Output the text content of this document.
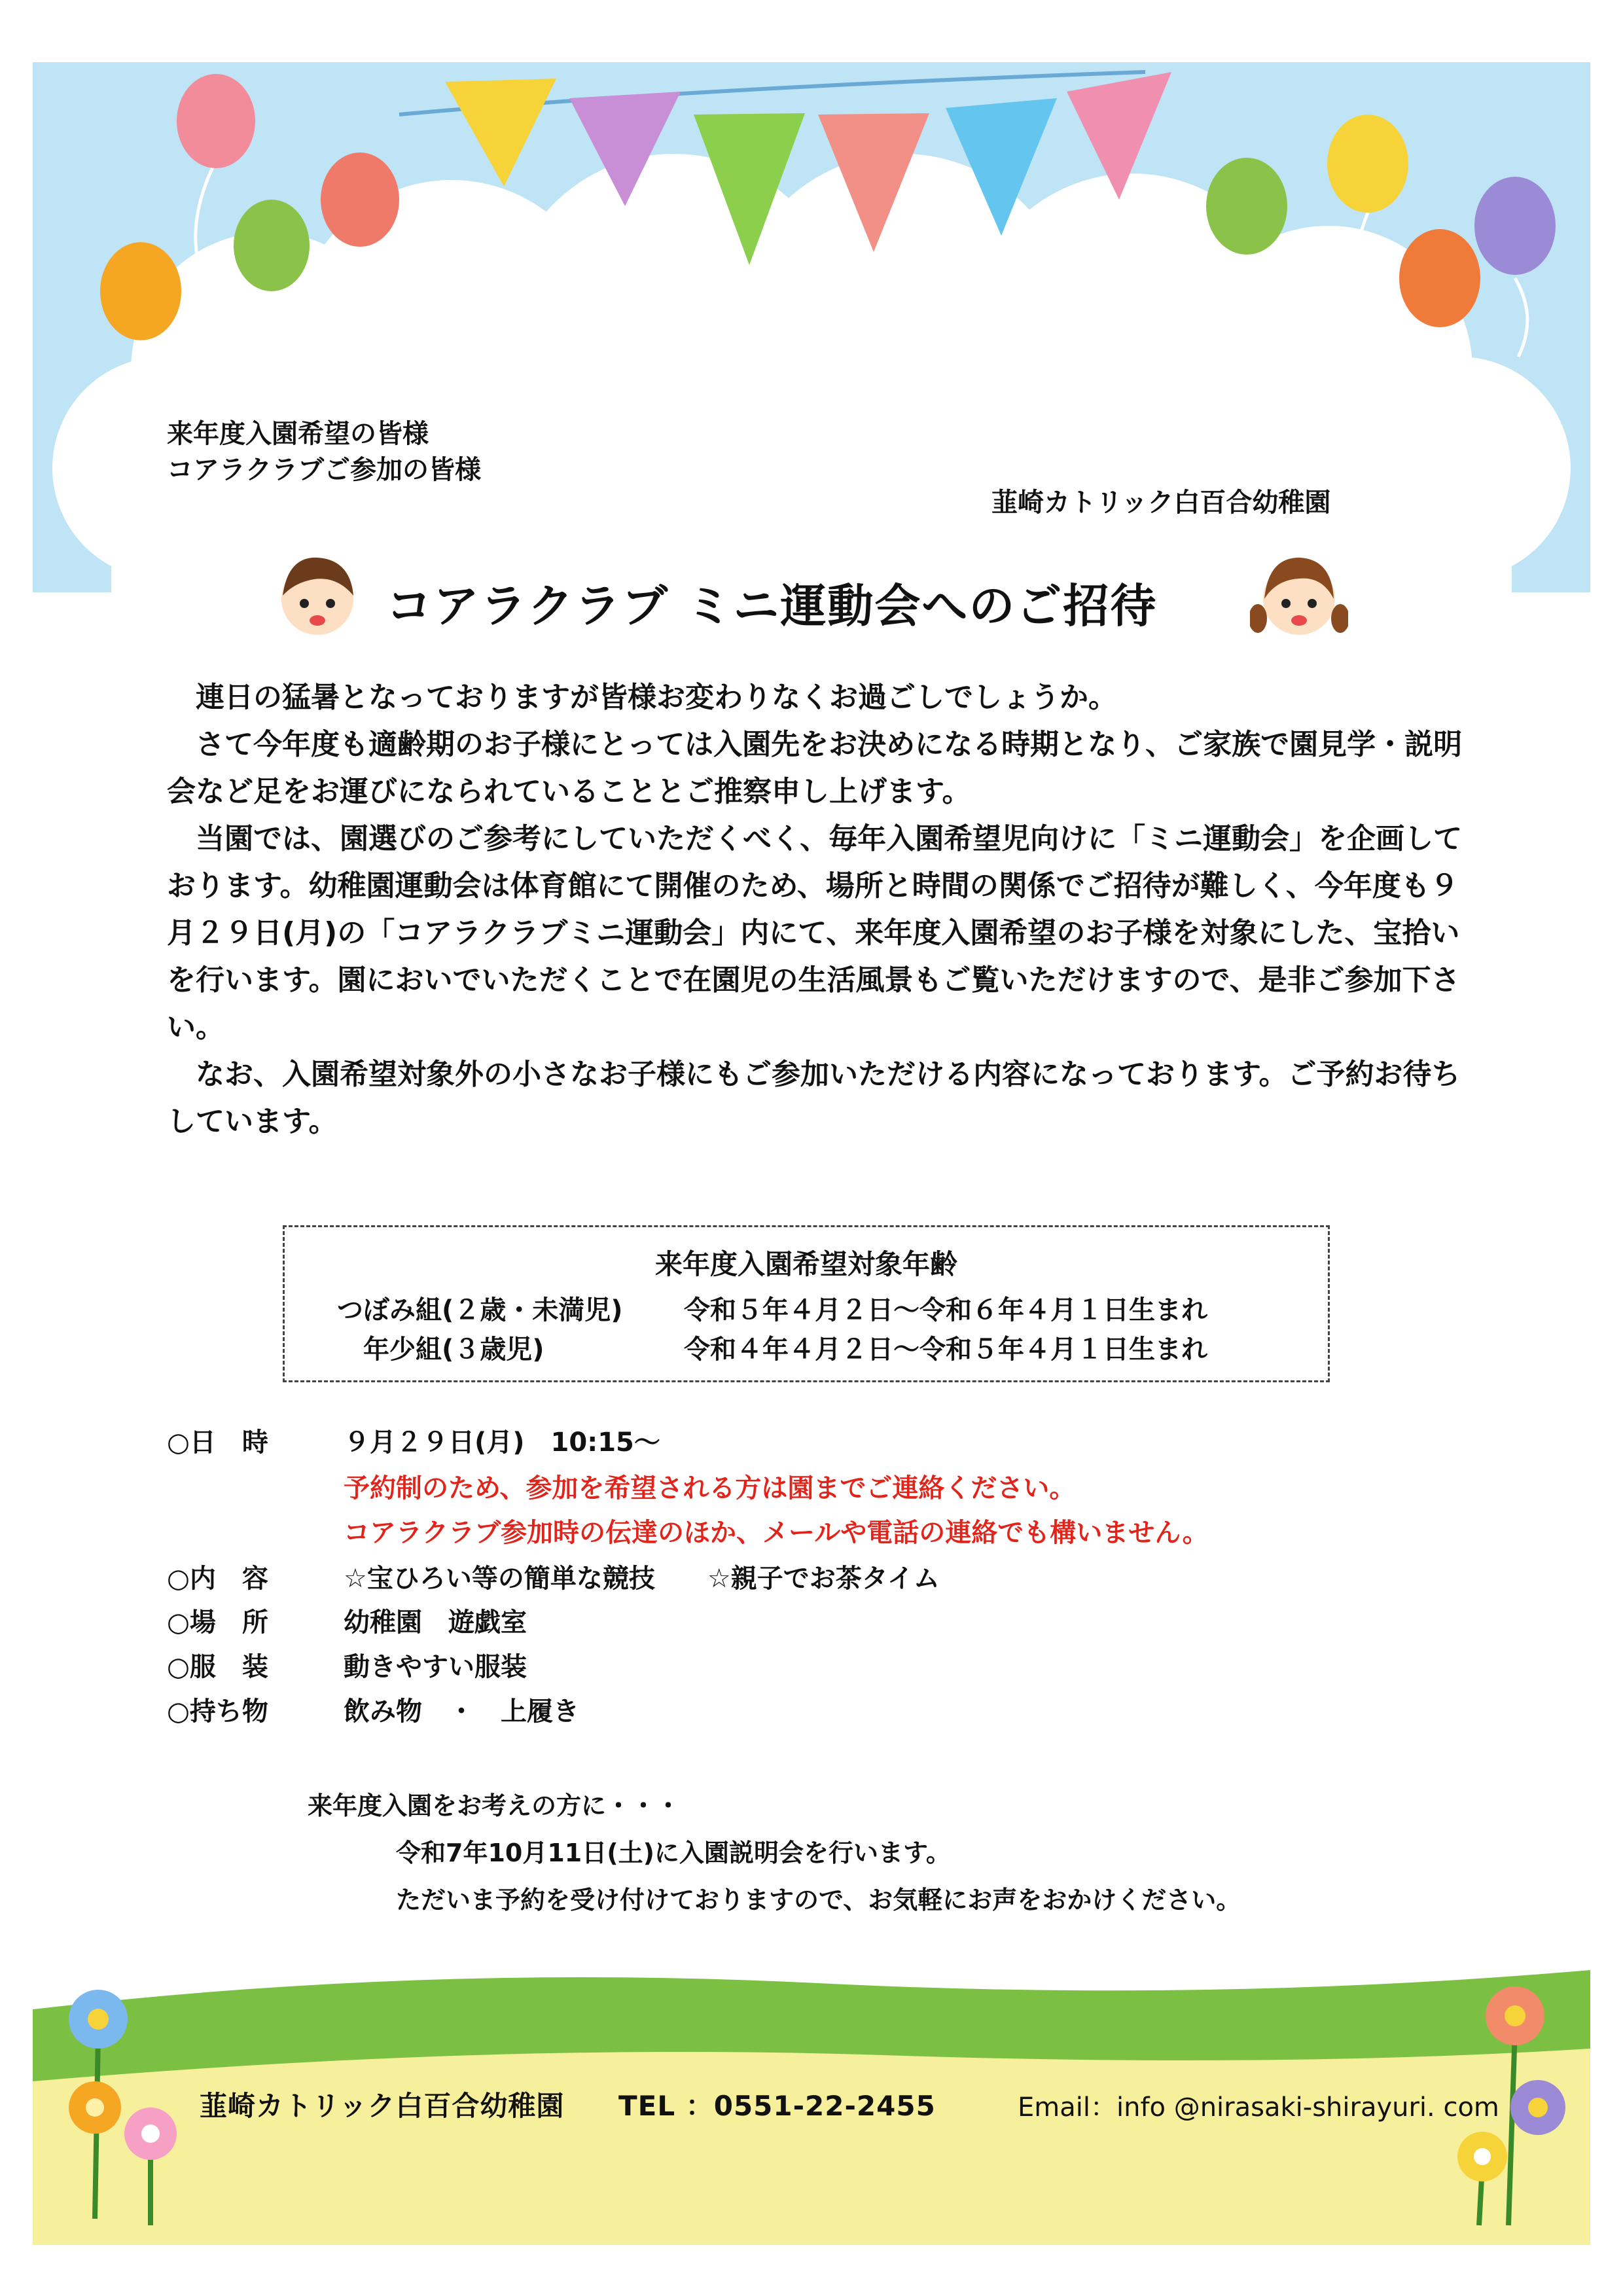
来年度入園希望の皆様
コアラクラブご参加の皆様
韮崎カトリック白百合幼稚園
コアラクラブ ミニ運動会へのご招待

連日の猛暑となっておりますが皆様お変わりなくお過ごしでしょうか。

さて今年度も適齢期のお子様にとっては入園先をお決めになる時期となり、ご家族で園見学・説明会など足をお運びになられていることとご推察申し上げます。

当園では、園選びのご参考にしていただくべく、毎年入園希望児向けに「ミニ運動会」を企画しております。幼稚園運動会は体育館にて開催のため、場所と時間の関係でご招待が難しく、今年度も９月２９日(月)の「コアラクラブミニ運動会」内にて、来年度入園希望のお子様を対象にした、宝拾いを行います。園においでいただくことで在園児の生活風景もご覧いただけますので、是非ご参加下さい。

なお、入園希望対象外の小さなお子様にもご参加いただける内容になっております。ご予約お待ちしています。

来年度入園希望対象年齢
つぼみ組(２歳・未満児) 令和５年４月２日～令和６年４月１日生まれ
年少組(３歳児)	令和４年４月２日～令和５年４月１日生まれ
○日　時	９月２９日(月)　10:15～
予約制のため、参加を希望される方は園までご連絡ください。
コアラクラブ参加時の伝達のほか、メールや電話の連絡でも構いません。
○内　容	☆宝ひろい等の簡単な競技　　☆親子でお茶タイム
○場　所	幼稚園　遊戯室
○服　装	動きやすい服装
○持ち物	飲み物　・　上履き
来年度入園をお考えの方に・・・
令和7年10月11日(土)に入園説明会を行います。
ただいま予約を受け付けておりますので、お気軽にお声をおかけください。
韮崎カトリック白百合幼稚園 TEL ：0551-22-2455	Email：info @nirasaki-shirayuri. com
